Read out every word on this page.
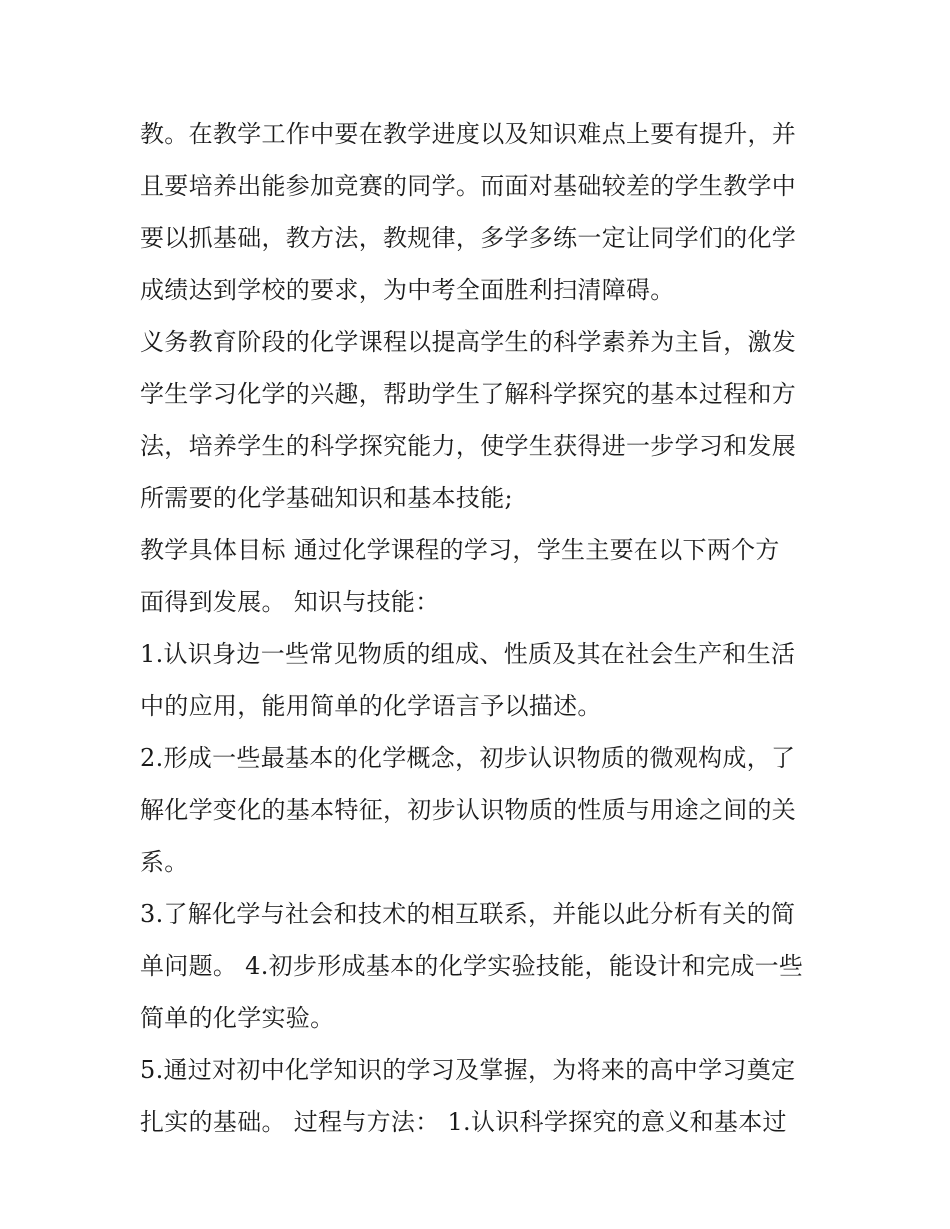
教。在教学工作中要在教学进度以及知识难点上要有提升，并
且要培养出能参加竞赛的同学。而面对基础较差的学生教学中
要以抓基础，教方法，教规律，多学多练一定让同学们的化学
成绩达到学校的要求，为中考全面胜利扫清障碍。

义务教育阶段的化学课程以提高学生的科学素养为主旨，激发
学生学习化学的兴趣，帮助学生了解科学探究的基本过程和方
法，培养学生的科学探究能力，使学生获得进一步学习和发展
所需要的化学基础知识和基本技能;

教学具体目标 通过化学课程的学习，学生主要在以下两个方
面得到发展。 知识与技能：

1.认识身边一些常见物质的组成、性质及其在社会生产和生活
中的应用，能用简单的化学语言予以描述。

2.形成一些最基本的化学概念，初步认识物质的微观构成，了
解化学变化的基本特征，初步认识物质的性质与用途之间的关
系。

3.了解化学与社会和技术的相互联系，并能以此分析有关的简
单问题。 4.初步形成基本的化学实验技能，能设计和完成一些
简单的化学实验。

5.通过对初中化学知识的学习及掌握，为将来的高中学习奠定
扎实的基础。 过程与方法： 1.认识科学探究的意义和基本过
